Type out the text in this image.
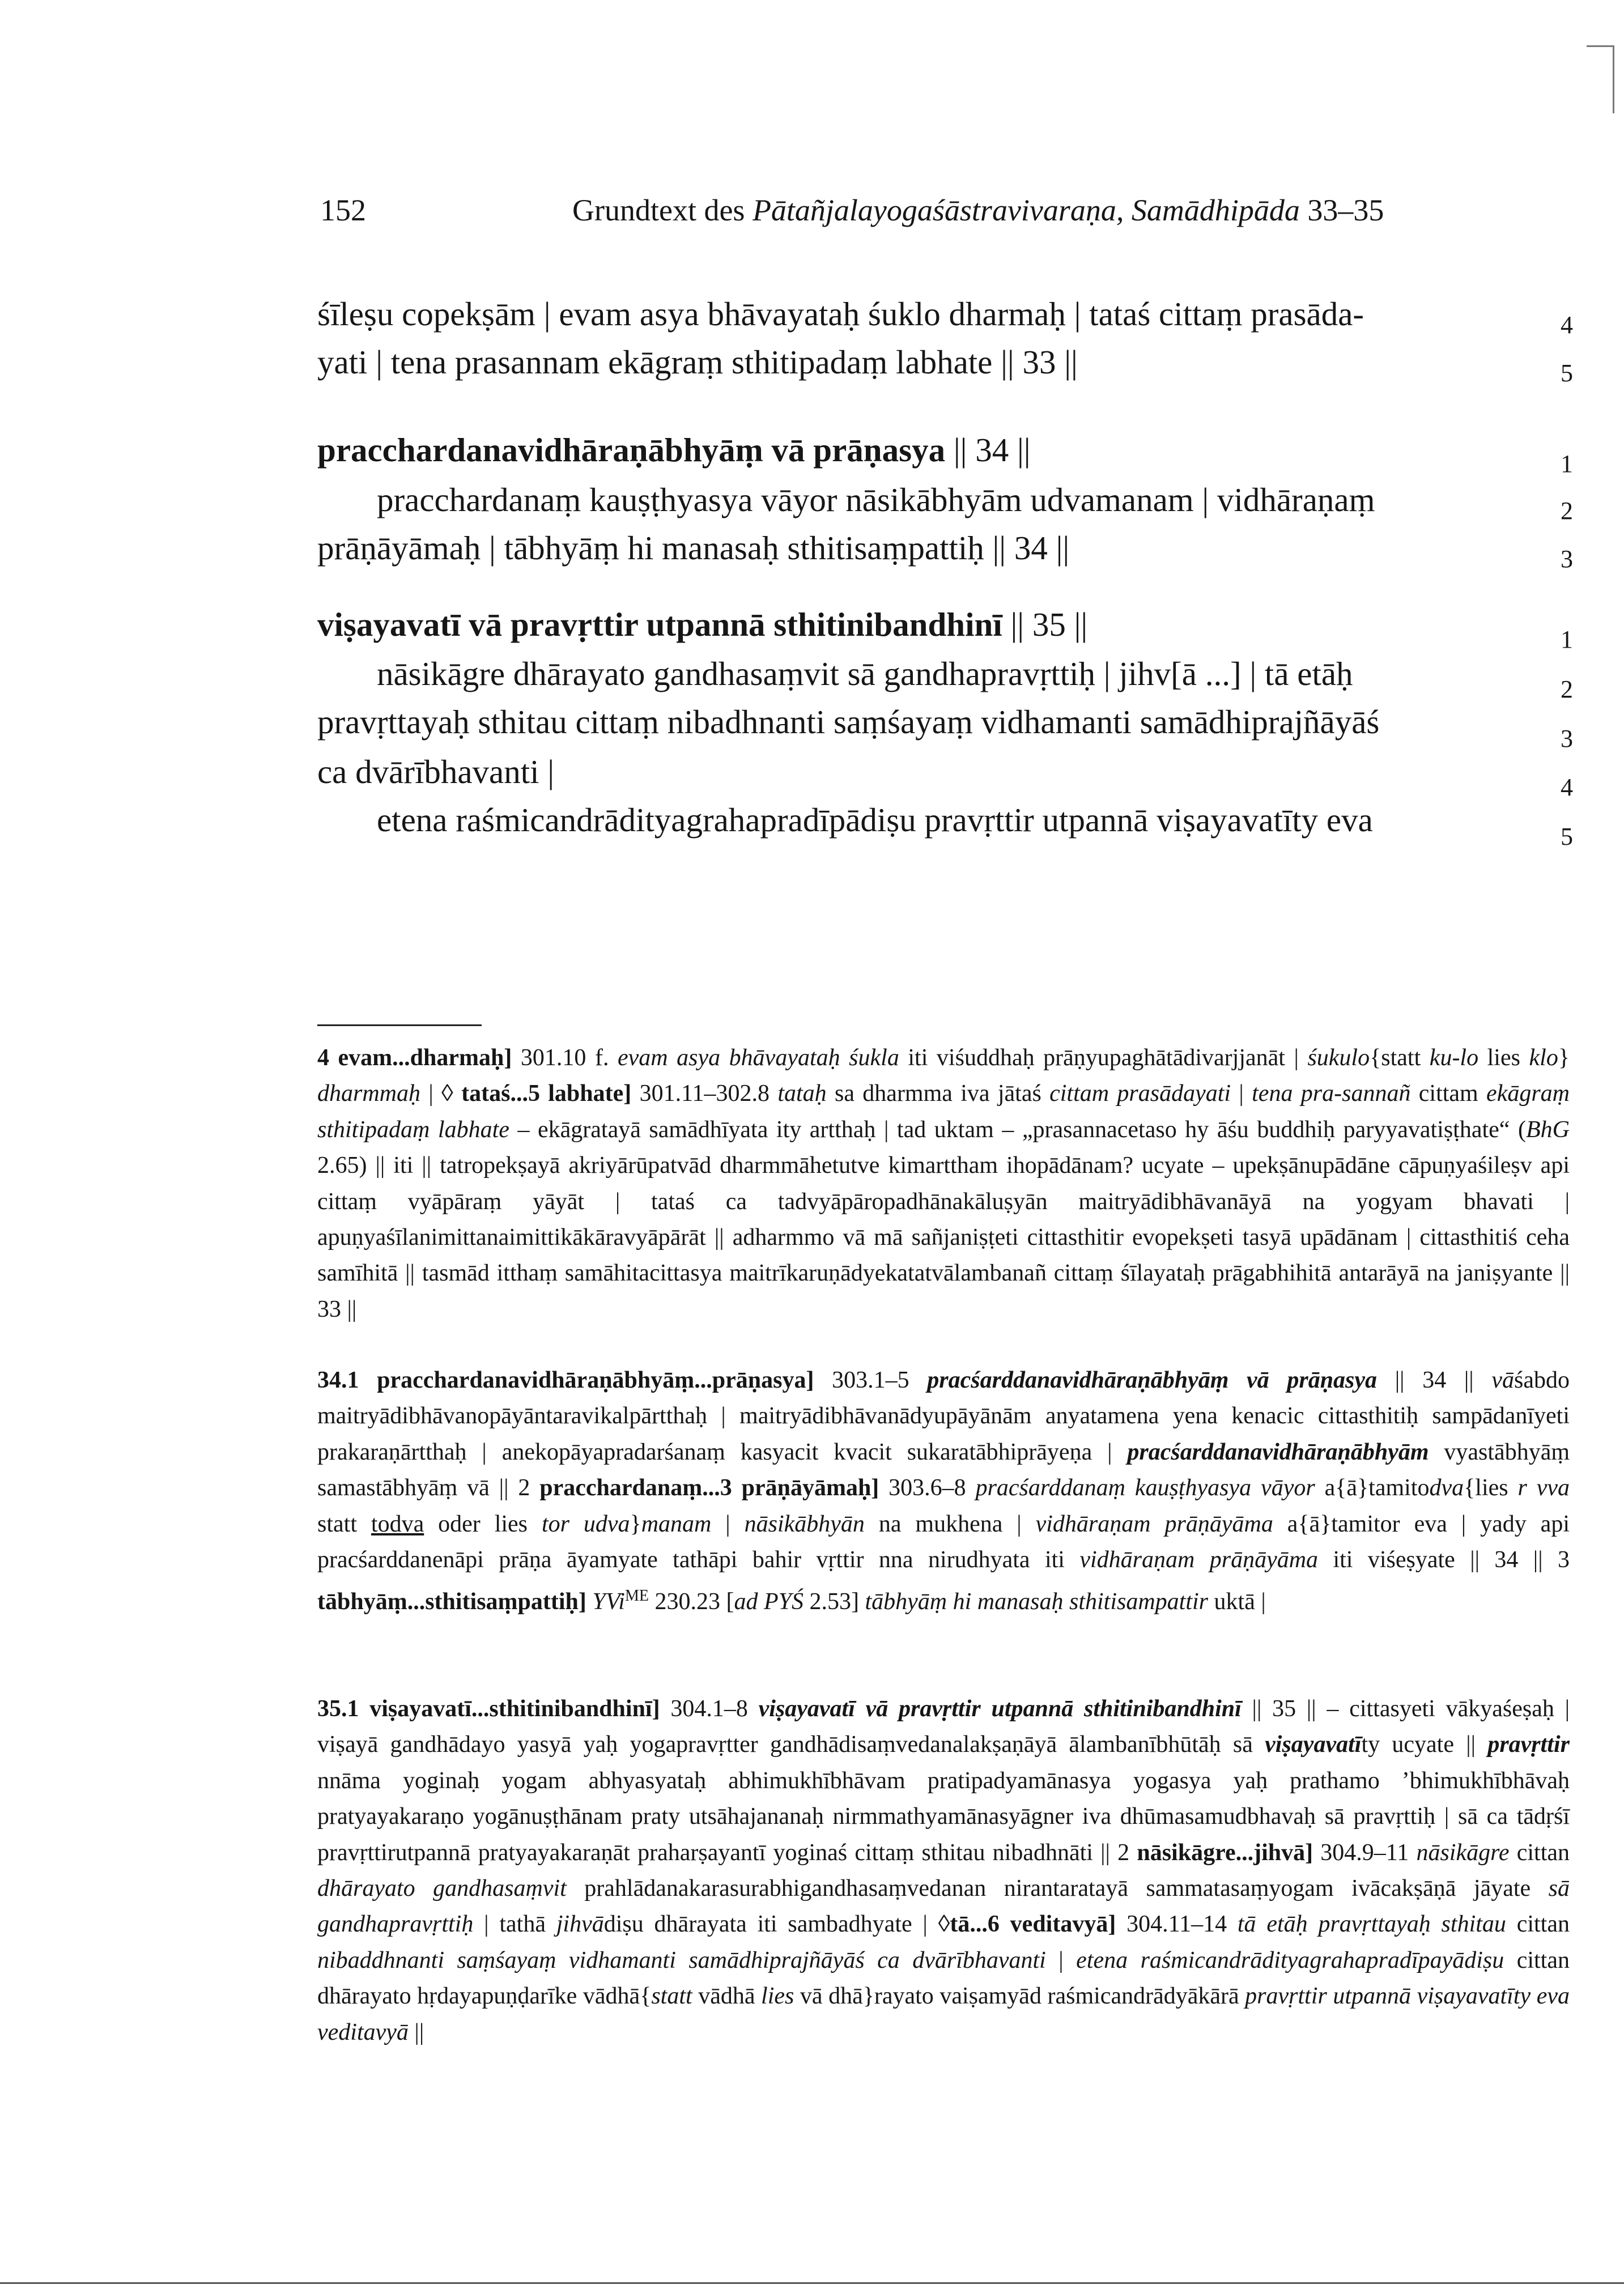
152	Grundtext des Pātañjalayogaśāstravivaraṇa, Samādhipāda 33–35
śīleṣu copekṣām | evam asya bhāvayataḥ śuklo dharmaḥ | tataś cittaṃ prasāda-	4
yati | tena prasannam ekāgraṃ sthitipadaṃ labhate || 33 ||	5
pracchardanavidhāraṇābhyāṃ vā prāṇasya || 34 ||	1
pracchardanaṃ kauṣṭhyasya vāyor nāsikābhyām udvamanam | vidhāraṇaṃ	2
prāṇāyāmaḥ | tābhyāṃ hi manasaḥ sthitisaṃpattiḥ || 34 ||	3
viṣayavatī vā pravṛttir utpannā sthitinibandhinī || 35 ||	1
nāsikāgre dhārayato gandhasaṃvit sā gandhapravṛttiḥ | jihv[ā ...] | tā etāḥ	2
pravṛttayaḥ sthitau cittaṃ nibadhnanti saṃśayaṃ vidhamanti samādhiprajñāyāś	3
ca dvārībhavanti |	4
etena raśmicandrādityagrahapradīpādiṣu pravṛttir utpannā viṣayavatīty eva	5

4 evam...dharmaḥ] 301.10 f. evam asya bhāvayataḥ śukla iti viśuddhaḥ prāṇyupaghātādivarjjanāt | śukulo{statt ku-lo lies klo} dharmmaḥ | ◊ tataś...5 labhate] 301.11–302.8 tataḥ sa dharmma iva jātaś cittam prasādayati | tena pra-sannañ cittam ekāgraṃ sthitipadaṃ labhate – ekāgratayā samādhīyata ity artthaḥ | tad uktam – „prasannacetaso hy āśu buddhiḥ paryyavatiṣṭhate“ (BhG 2.65) || iti || tatropekṣayā akriyārūpatvād dharmmāhetutve kimarttham ihopādānam? ucyate – upekṣānupādāne cāpuṇyaśileṣv api cittaṃ vyāpāraṃ yāyāt | tataś ca tadvyāpāropadhānakāluṣyān maitryādibhāvanāyā na yogyam bhavati | apuṇyaśīlanimittanaimittikākāravyāpārāt || adharmmo vā mā sañjaniṣṭeti cittasthitir evopekṣeti tasyā upādānam | cittasthitiś ceha samīhitā || tasmād itthaṃ samāhitacittasya maitrīkaruṇādyekatatvālambanañ cittaṃ śīlayataḥ prāgabhihitā antarāyā na janiṣyante || 33 ||

34.1 pracchardanavidhāraṇābhyāṃ...prāṇasya] 303.1–5 pracśarddanavidhāraṇābhyāṃ vā prāṇasya || 34 || vāśabdo maitryādibhāvanopāyāntaravikalpārtthaḥ | maitryādibhāvanādyupāyānām anyatamena yena kenacic cittasthitiḥ sampādanīyeti prakaraṇārtthaḥ | anekopāyapradarśanaṃ kasyacit kvacit sukaratābhiprāyeṇa | pracśarddanavidhāraṇābhyām vyastābhyāṃ samastābhyāṃ vā || 2 pracchardanaṃ...3 prāṇāyāmaḥ] 303.6–8 pracśarddanaṃ kauṣṭhyasya vāyor a{ā}tamitodva{lies r vva statt todva oder lies tor udva}manam | nāsikābhyān na mukhena | vidhāraṇam prāṇāyāma a{ā}tamitor eva | yady api pracśarddanenāpi prāṇa āyamyate tathāpi bahir vṛttir nna nirudhyata iti vidhāraṇam prāṇāyāma iti viśeṣyate || 34 || 3 tābhyāṃ...sthitisaṃpattiḥ] YVi$^{ME}$ 230.23 [ad PYŚ 2.53] tābhyāṃ hi manasaḥ sthitisampattir uktā |

35.1 viṣayavatī...sthitinibandhinī] 304.1–8 viṣayavatī vā pravṛttir utpannā sthitinibandhinī || 35 || – cittasyeti vākyaśeṣaḥ | viṣayā gandhādayo yasyā yaḥ yogapravṛtter gandhādisaṃvedanalakṣaṇāyā ālambanībhūtāḥ sā viṣayavatīty ucyate || pravṛttir nnāma yoginaḥ yogam abhyasyataḥ abhimukhībhāvam pratipadyamānasya yogasya yaḥ prathamo ’bhimukhībhāvaḥ pratyayakaraṇo yogānuṣṭhānam praty utsāhajananaḥ nirmmathyamānasyāgner iva dhūmasamudbhavaḥ sā pravṛttiḥ | sā ca tādṛśī pravṛttirutpannā pratyayakaraṇāt praharṣayantī yoginaś cittaṃ sthitau nibadhnāti || 2 nāsikāgre...jihvā] 304.9–11 nāsikāgre cittan dhārayato gandhasaṃvit prahlādanakarasurabhigandhasaṃvedanan nirantaratayā sammatasaṃyogam ivācakṣāṇā jāyate sā gandhapravṛttiḥ | tathā jihvādiṣu dhārayata iti sambadhyate | ◊tā...6 veditavyā] 304.11–14 tā etāḥ pravṛttayaḥ sthitau cittan nibaddhnanti saṃśayaṃ vidhamanti samādhiprajñāyāś ca dvārībhavanti | etena raśmicandrādityagrahapradīpayādiṣu cittan dhārayato hṛdayapuṇḍarīke vādhā{statt vādhā lies vā dhā}rayato vaiṣamyād raśmicandrādyākārā pravṛttir utpannā viṣayavatīty eva veditavyā ||
